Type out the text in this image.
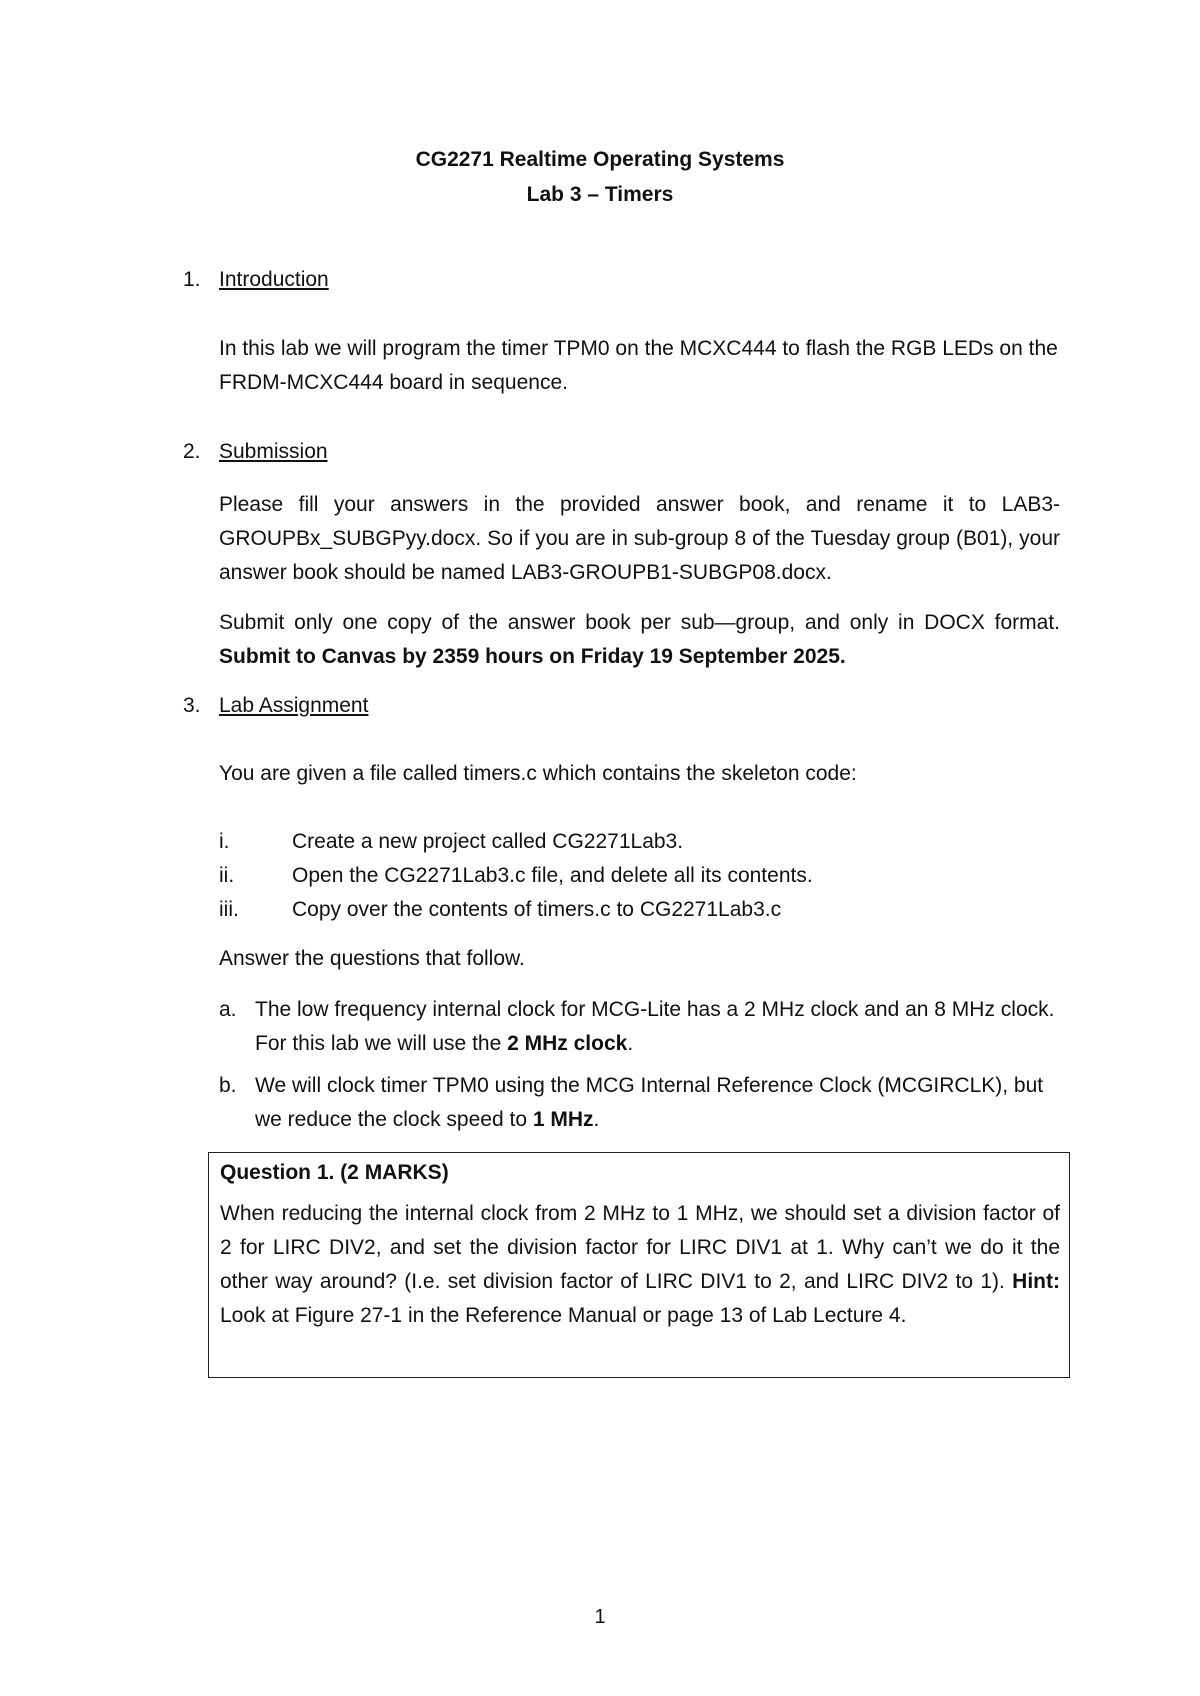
CG2271 Realtime Operating Systems
Lab 3 – Timers
1. Introduction

In this lab we will program the timer TPM0 on the MCXC444 to flash the RGB LEDs on the FRDM-MCXC444 board in sequence.

2. Submission

Please fill your answers in the provided answer book, and rename it to LAB3-GROUPBx_SUBGPyy.docx. So if you are in sub-group 8 of the Tuesday group (B01), your answer book should be named LAB3-GROUPB1-SUBGP08.docx.

Submit only one copy of the answer book per sub—group, and only in DOCX format. Submit to Canvas by 2359 hours on Friday 19 September 2025.

3. Lab Assignment

You are given a file called timers.c which contains the skeleton code:

i.	Create a new project called CG2271Lab3.
ii.	Open the CG2271Lab3.c file, and delete all its contents.
iii.	Copy over the contents of timers.c to CG2271Lab3.c

Answer the questions that follow.

a. The low frequency internal clock for MCG-Lite has a 2 MHz clock and an 8 MHz clock. For this lab we will use the 2 MHz clock.
b. We will clock timer TPM0 using the MCG Internal Reference Clock (MCGIRCLK), but we reduce the clock speed to 1 MHz.
Question 1. (2 MARKS)

When reducing the internal clock from 2 MHz to 1 MHz, we should set a division factor of 2 for LIRC DIV2, and set the division factor for LIRC DIV1 at 1. Why can’t we do it the other way around? (I.e. set division factor of LIRC DIV1 to 2, and LIRC DIV2 to 1). Hint: Look at Figure 27-1 in the Reference Manual or page 13 of Lab Lecture 4.

1
